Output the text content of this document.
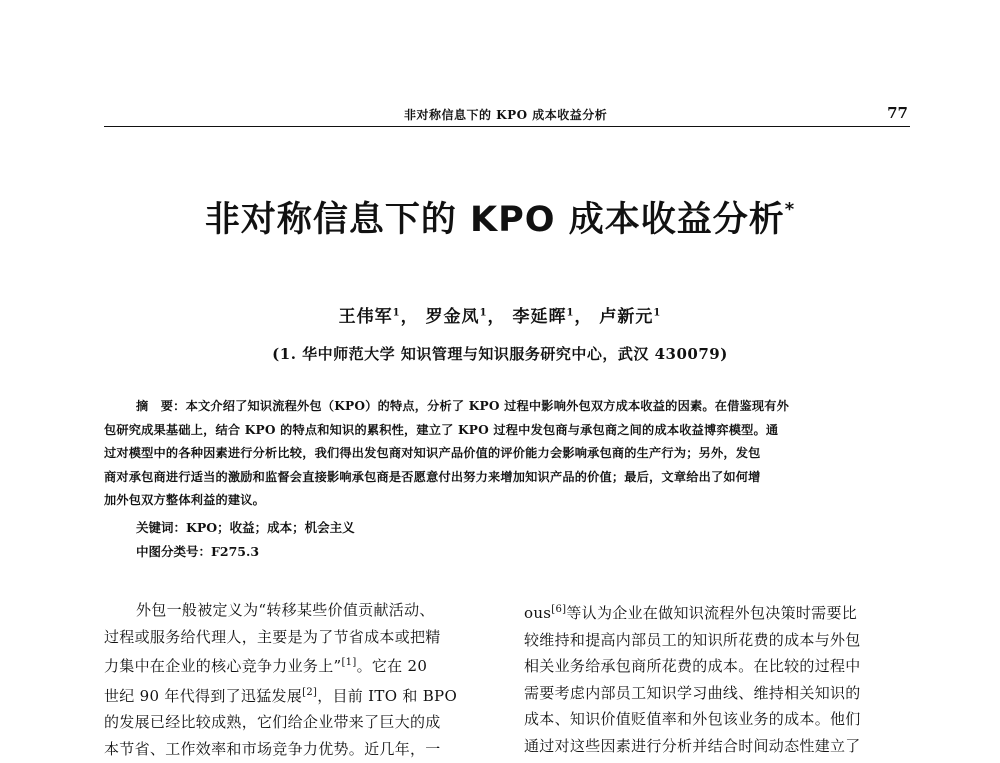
非对称信息下的 KPO 成本收益分析	77
非对称信息下的 KPO 成本收益分析*
王伟军$^1$， 罗金凤$^1$， 李延晖$^1$， 卢新元$^1$
(1. 华中师范大学 知识管理与知识服务研究中心，武汉 430079)
摘　要：本文介绍了知识流程外包（KPO）的特点，分析了 KPO 过程中影响外包双方成本收益的因素。在借鉴现有外
包研究成果基础上，结合 KPO 的特点和知识的累积性，建立了 KPO 过程中发包商与承包商之间的成本收益博弈模型。通
过对模型中的各种因素进行分析比较，我们得出发包商对知识产品价值的评价能力会影响承包商的生产行为；另外，发包
商对承包商进行适当的激励和监督会直接影响承包商是否愿意付出努力来增加知识产品的价值；最后，文章给出了如何增
加外包双方整体利益的建议。
关键词：KPO；收益；成本；机会主义
中图分类号：F275.3
外包一般被定义为“转移某些价值贡献活动、
过程或服务给代理人，主要是为了节省成本或把精
力集中在企业的核心竞争力业务上”[1]。它在 20
世纪 90 年代得到了迅猛发展[2]，目前 ITO 和 BPO
的发展已经比较成熟，它们给企业带来了巨大的成
本节省、工作效率和市场竞争力优势。近几年，一
ous[6]等认为企业在做知识流程外包决策时需要比
较维持和提高内部员工的知识所花费的成本与外包
相关业务给承包商所花费的成本。在比较的过程中
需要考虑内部员工知识学习曲线、维持相关知识的
成本、知识价值贬值率和外包该业务的成本。他们
通过对这些因素进行分析并结合时间动态性建立了
